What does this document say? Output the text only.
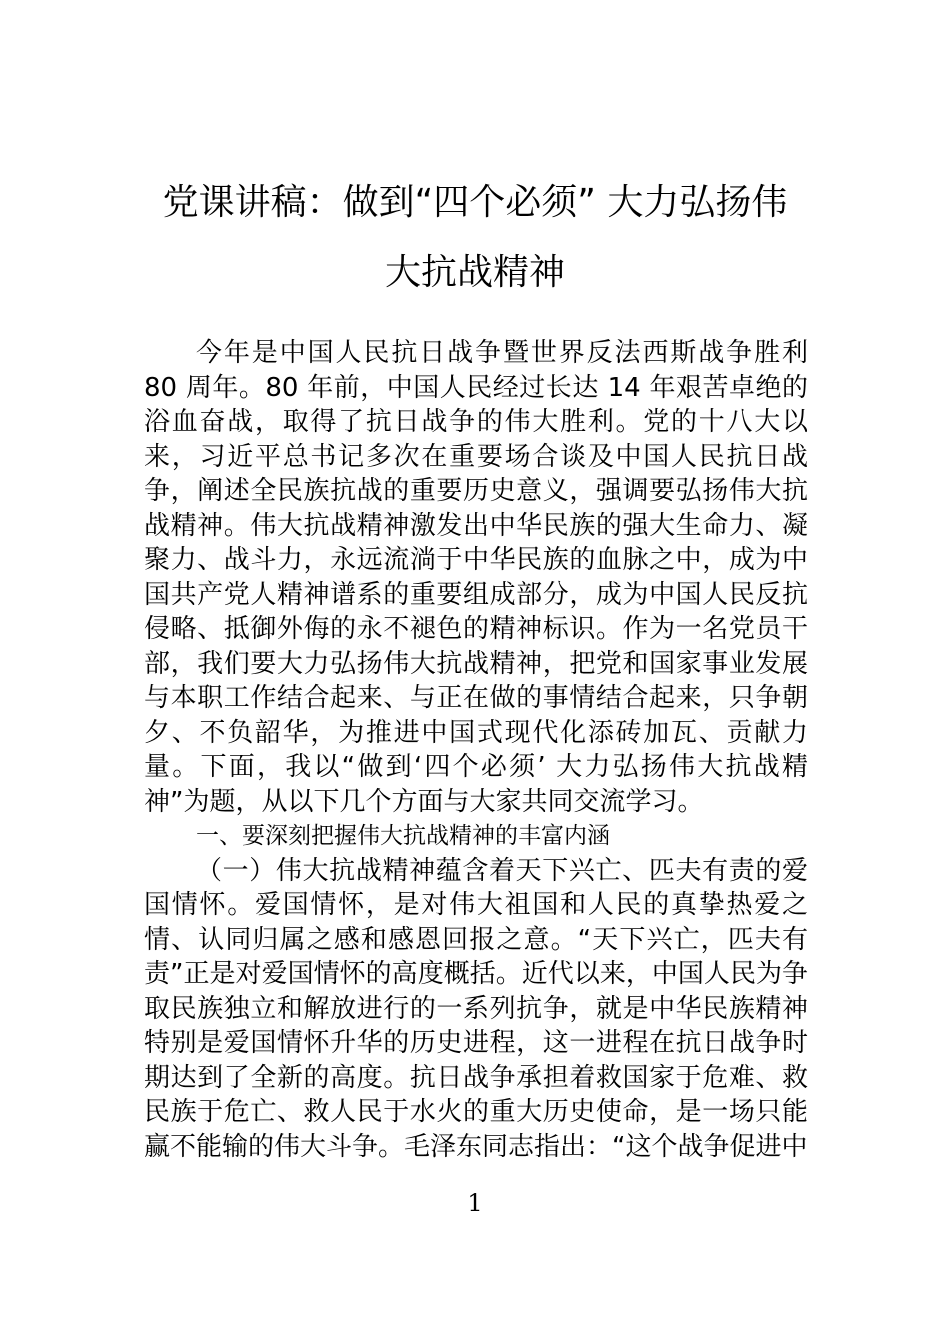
党课讲稿：做到“四个必须” 大力弘扬伟
大抗战精神

今年是中国人民抗日战争暨世界反法西斯战争胜利 80 周年。80 年前，中国人民经过长达 14 年艰苦卓绝的浴血奋战，取得了抗日战争的伟大胜利。党的十八大以来，习近平总书记多次在重要场合谈及中国人民抗日战争，阐述全民族抗战的重要历史意义，强调要弘扬伟大抗战精神。伟大抗战精神激发出中华民族的强大生命力、凝聚力、战斗力，永远流淌于中华民族的血脉之中，成为中国共产党人精神谱系的重要组成部分，成为中国人民反抗侵略、抵御外侮的永不褪色的精神标识。作为一名党员干部，我们要大力弘扬伟大抗战精神，把党和国家事业发展与本职工作结合起来、与正在做的事情结合起来，只争朝夕、不负韶华，为推进中国式现代化添砖加瓦、贡献力量。下面，我以“做到‘四个必须’ 大力弘扬伟大抗战精神”为题，从以下几个方面与大家共同交流学习。

一、要深刻把握伟大抗战精神的丰富内涵

（一）伟大抗战精神蕴含着天下兴亡、匹夫有责的爱国情怀。爱国情怀，是对伟大祖国和人民的真挚热爱之情、认同归属之感和感恩回报之意。“天下兴亡，匹夫有责”正是对爱国情怀的高度概括。近代以来，中国人民为争取民族独立和解放进行的一系列抗争，就是中华民族精神特别是爱国情怀升华的历史进程，这一进程在抗日战争时期达到了全新的高度。抗日战争承担着救国家于危难、救民族于危亡、救人民于水火的重大历史使命，是一场只能赢不能输的伟大斗争。毛泽东同志指出：“这个战争促进中

1
